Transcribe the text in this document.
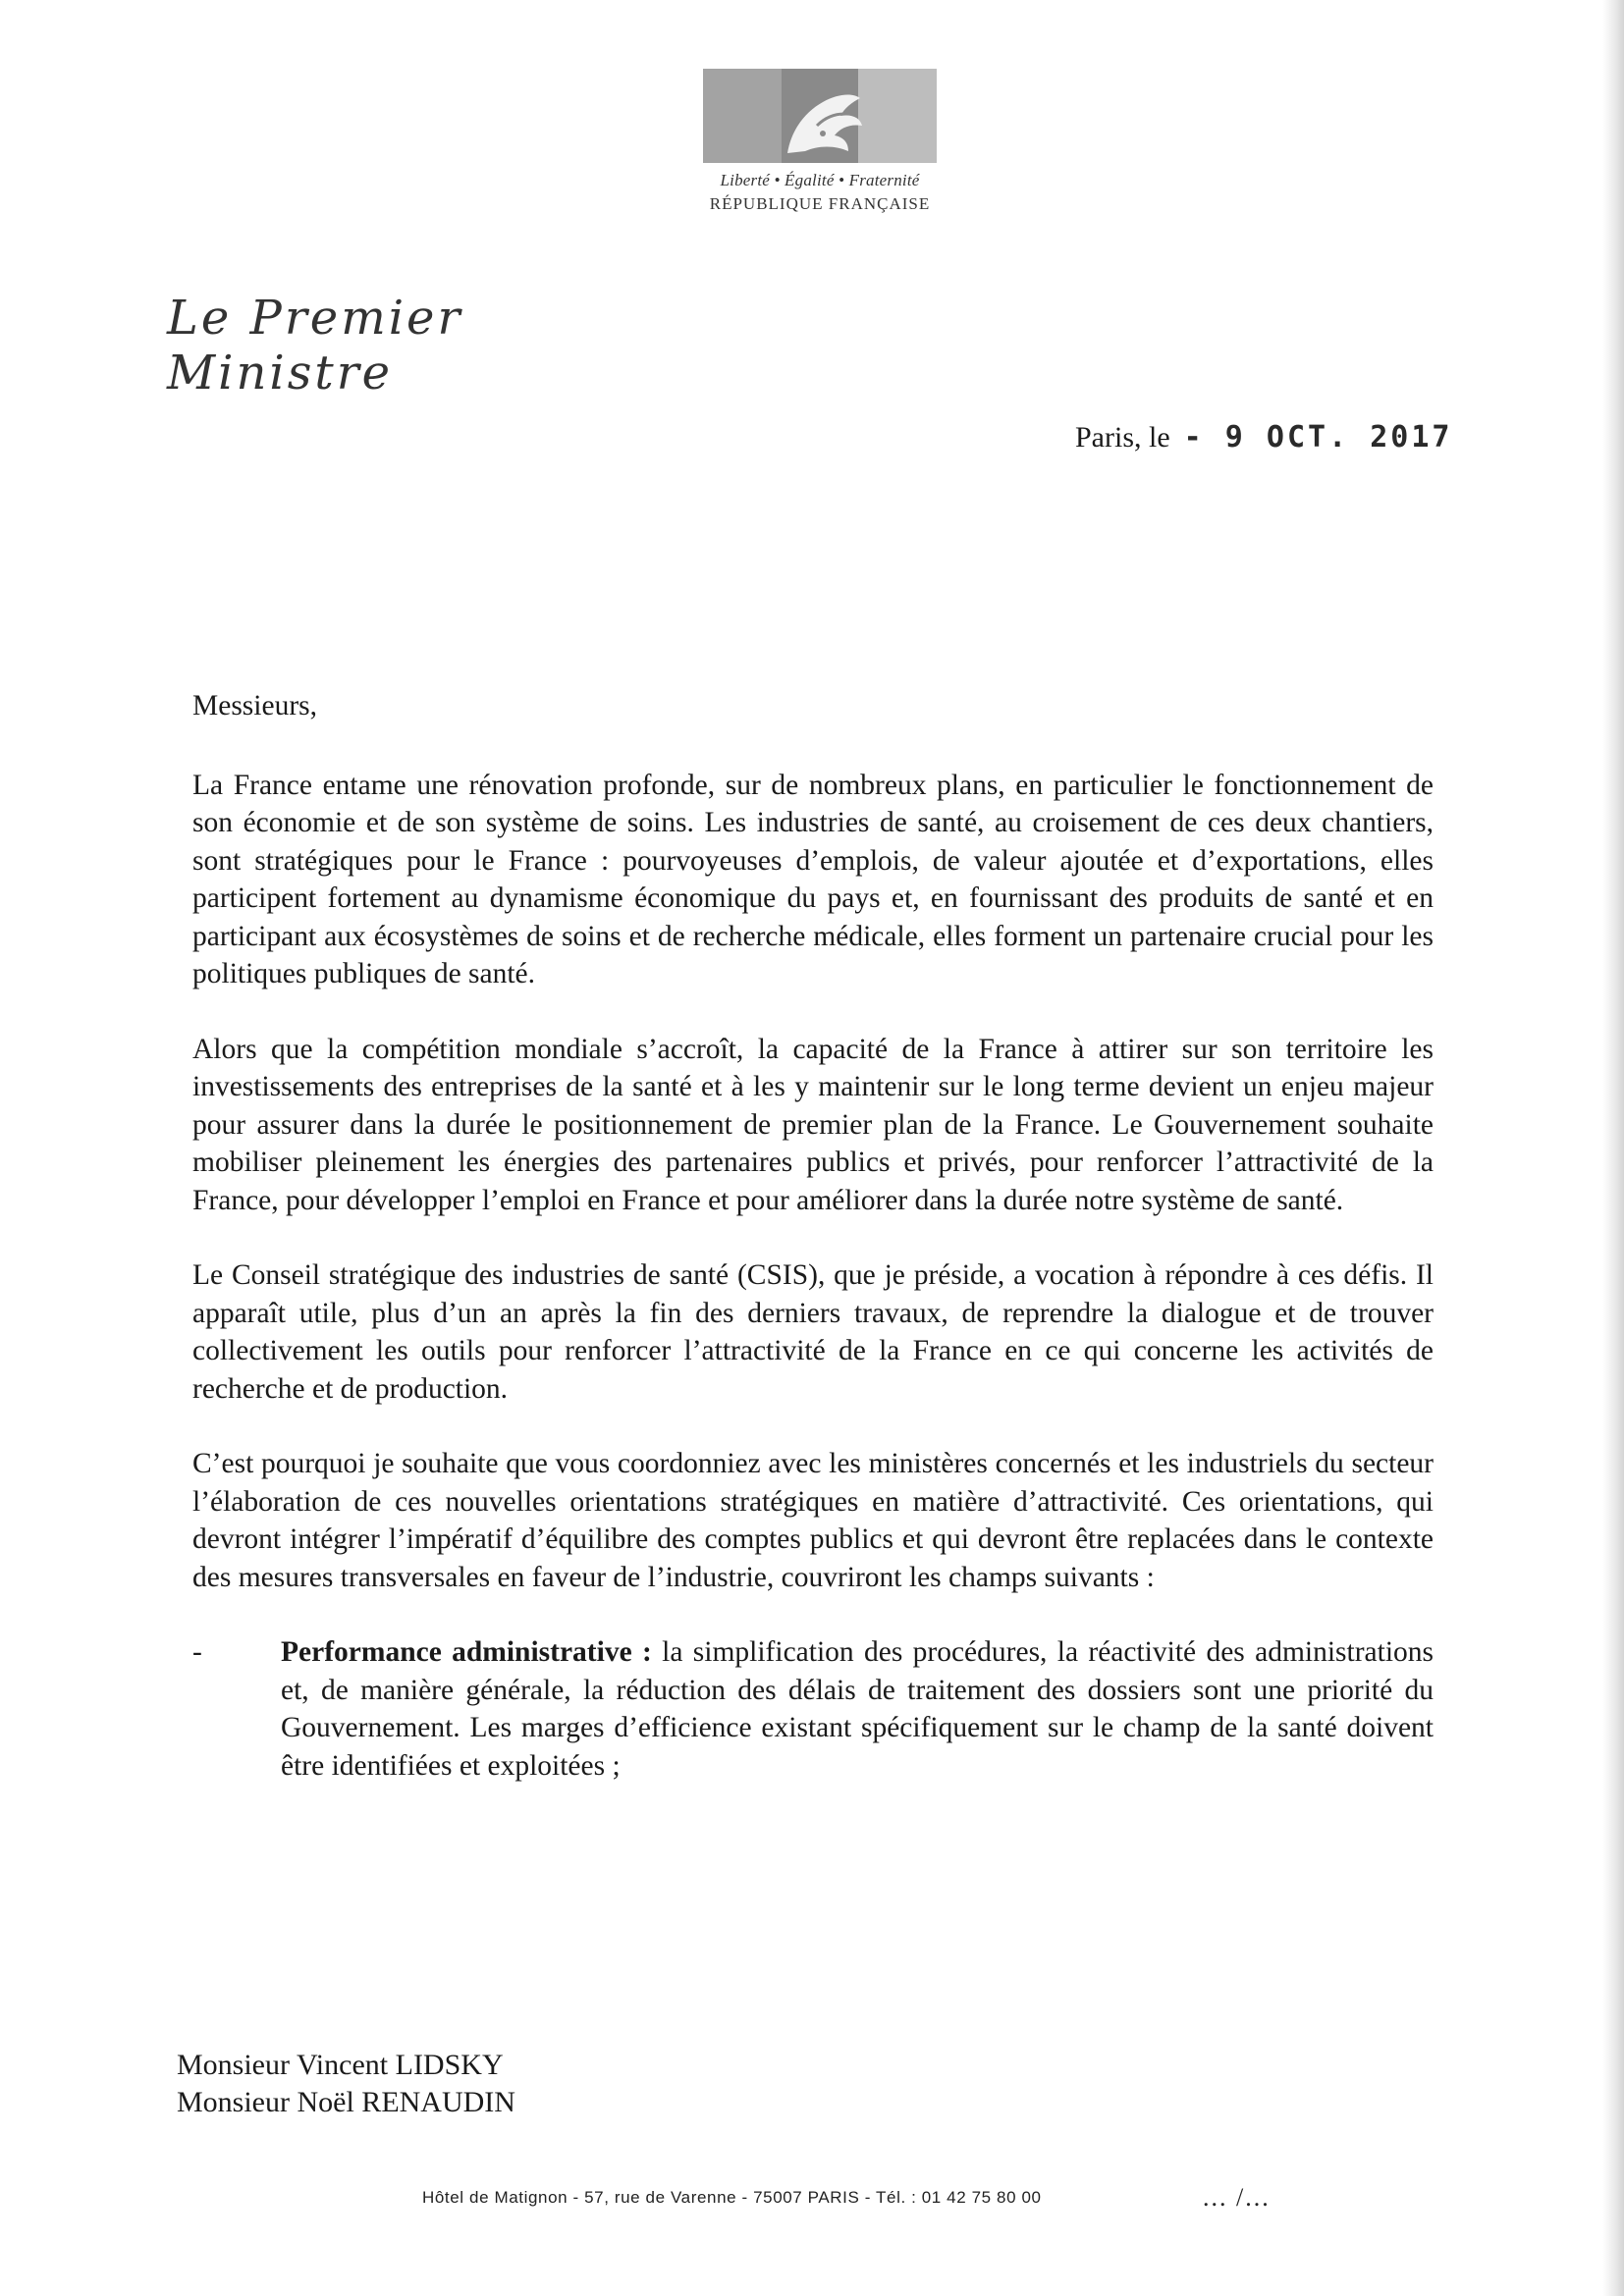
Liberté • Égalité • Fraternité
RÉPUBLIQUE FRANÇAISE
Le Premier Ministre
Paris, le - 9 OCT. 2017

Messieurs,

La France entame une rénovation profonde, sur de nombreux plans, en particulier le fonctionnement de son économie et de son système de soins. Les industries de santé, au croisement de ces deux chantiers, sont stratégiques pour le France : pourvoyeuses d’emplois, de valeur ajoutée et d’exportations, elles participent fortement au dynamisme économique du pays et, en fournissant des produits de santé et en participant aux écosystèmes de soins et de recherche médicale, elles forment un partenaire crucial pour les politiques publiques de santé.

Alors que la compétition mondiale s’accroît, la capacité de la France à attirer sur son territoire les investissements des entreprises de la santé et à les y maintenir sur le long terme devient un enjeu majeur pour assurer dans la durée le positionnement de premier plan de la France. Le Gouvernement souhaite mobiliser pleinement les énergies des partenaires publics et privés, pour renforcer l’attractivité de la France, pour développer l’emploi en France et pour améliorer dans la durée notre système de santé.

Le Conseil stratégique des industries de santé (CSIS), que je préside, a vocation à répondre à ces défis. Il apparaît utile, plus d’un an après la fin des derniers travaux, de reprendre la dialogue et de trouver collectivement les outils pour renforcer l’attractivité de la France en ce qui concerne les activités de recherche et de production.

C’est pourquoi je souhaite que vous coordonniez avec les ministères concernés et les industriels du secteur l’élaboration de ces nouvelles orientations stratégiques en matière d’attractivité. Ces orientations, qui devront intégrer l’impératif d’équilibre des comptes publics et qui devront être replacées dans le contexte des mesures transversales en faveur de l’industrie, couvriront les champs suivants :

-	Performance administrative : la simplification des procédures, la réactivité des administrations et, de manière générale, la réduction des délais de traitement des dossiers sont une priorité du Gouvernement. Les marges d’efficience existant spécifiquement sur le champ de la santé doivent être identifiées et exploitées ;

Monsieur Vincent LIDSKY
Monsieur Noël RENAUDIN
Hôtel de Matignon - 57, rue de Varenne - 75007 PARIS - Tél. : 01 42 75 80 00	... /...
